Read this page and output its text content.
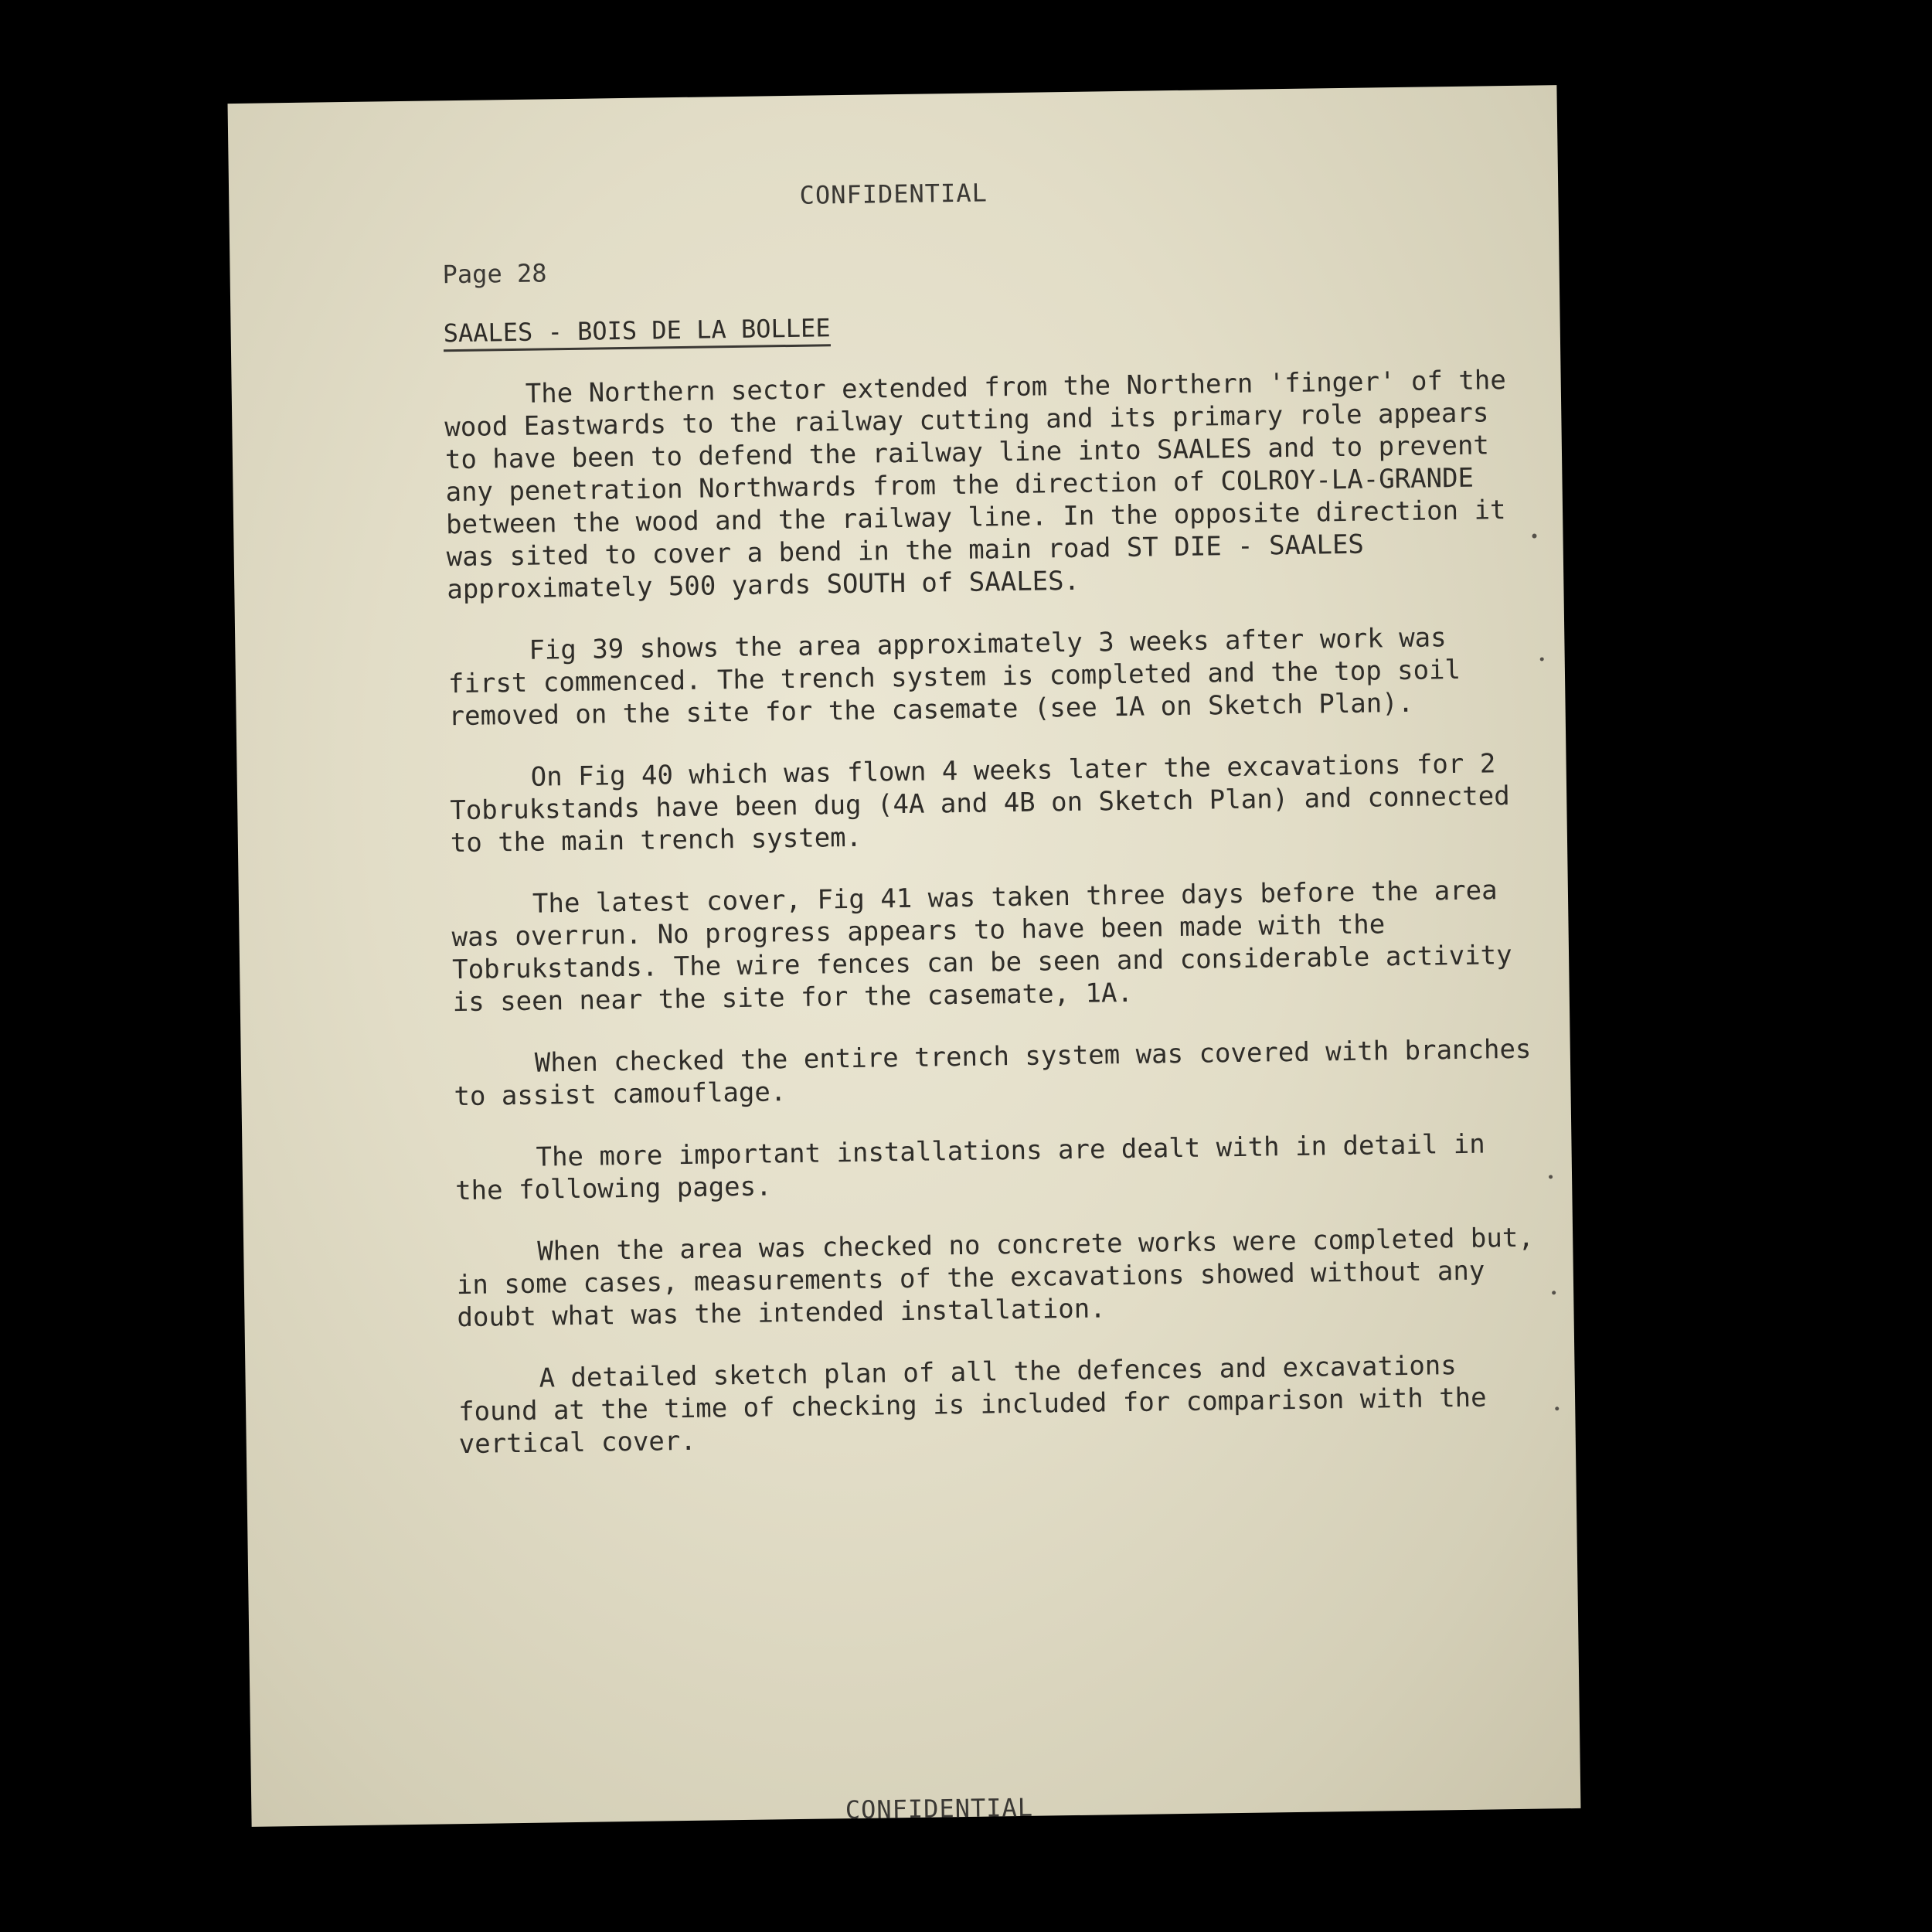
CONFIDENTIAL
Page 28
SAALES - BOIS DE LA BOLLEE

The Northern sector extended from the Northern 'finger' of the wood Eastwards to the railway cutting and its primary role appears to have been to defend the railway line into SAALES and to prevent any penetration Northwards from the direction of COLROY-LA-GRANDE between the wood and the railway line. In the opposite direction it was sited to cover a bend in the main road ST DIE - SAALES approximately 500 yards SOUTH of SAALES.

Fig 39 shows the area approximately 3 weeks after work was first commenced. The trench system is completed and the top soil removed on the site for the casemate (see 1A on Sketch Plan).

On Fig 40 which was flown 4 weeks later the excavations for 2 Tobrukstands have been dug (4A and 4B on Sketch Plan) and connected to the main trench system.

The latest cover, Fig 41 was taken three days before the area was overrun. No progress appears to have been made with the Tobrukstands. The wire fences can be seen and considerable activity is seen near the site for the casemate, 1A.

When checked the entire trench system was covered with branches to assist camouflage.

The more important installations are dealt with in detail in the following pages.

When the area was checked no concrete works were completed but, in some cases, measurements of the excavations showed without any doubt what was the intended installation.

A detailed sketch plan of all the defences and excavations found at the time of checking is included for comparison with the vertical cover.

CONFIDENTIAL
